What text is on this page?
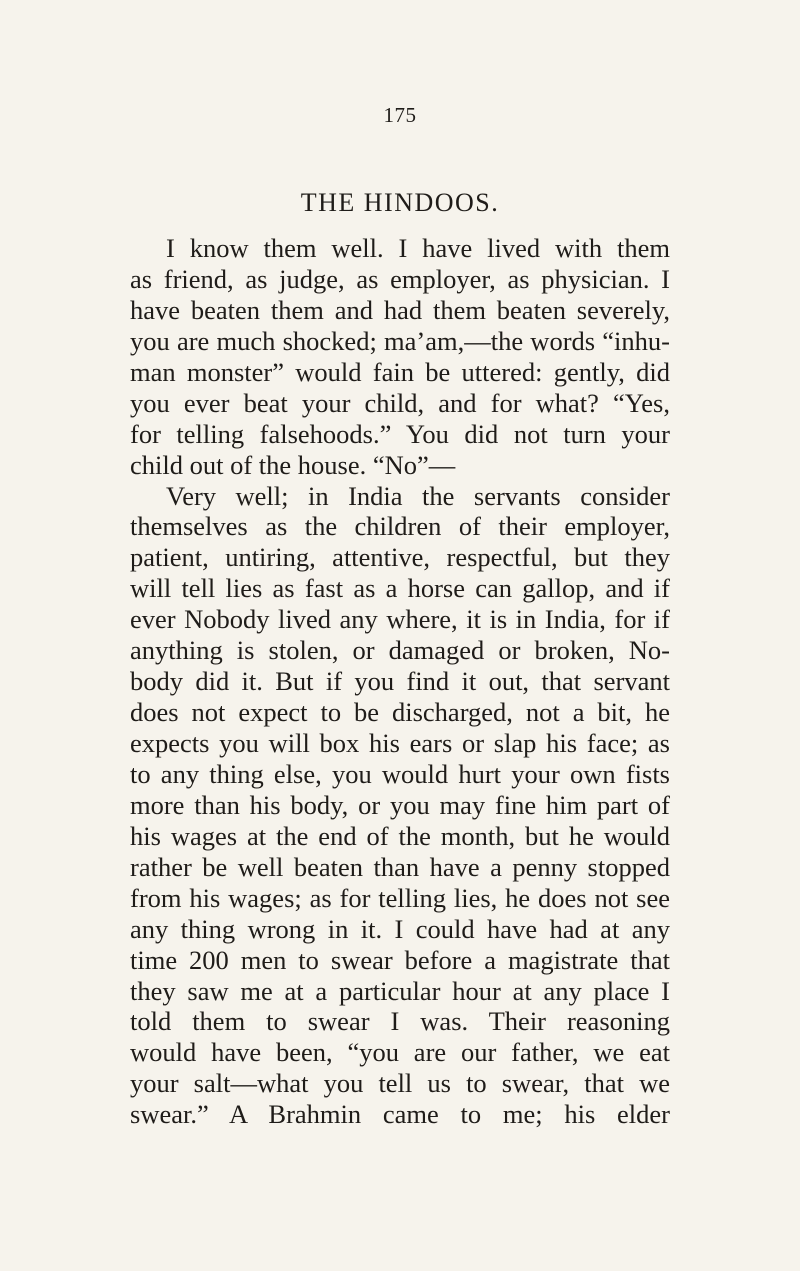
175
THE HINDOOS.
I know them well. I have lived with them
as friend, as judge, as employer, as physician. I
have beaten them and had them beaten severely,
you are much shocked; ma’am,—the words “inhu-
man monster” would fain be uttered: gently, did
you ever beat your child, and for what? “Yes,
for telling falsehoods.” You did not turn your
child out of the house. “No”—
Very well; in India the servants consider
themselves as the children of their employer,
patient, untiring, attentive, respectful, but they
will tell lies as fast as a horse can gallop, and if
ever Nobody lived any where, it is in India, for if
anything is stolen, or damaged or broken, No-
body did it. But if you find it out, that servant
does not expect to be discharged, not a bit, he
expects you will box his ears or slap his face; as
to any thing else, you would hurt your own fists
more than his body, or you may fine him part of
his wages at the end of the month, but he would
rather be well beaten than have a penny stopped
from his wages; as for telling lies, he does not see
any thing wrong in it. I could have had at any
time 200 men to swear before a magistrate that
they saw me at a particular hour at any place I
told them to swear I was. Their reasoning
would have been, “you are our father, we eat
your salt—what you tell us to swear, that we
swear.” A Brahmin came to me; his elder
